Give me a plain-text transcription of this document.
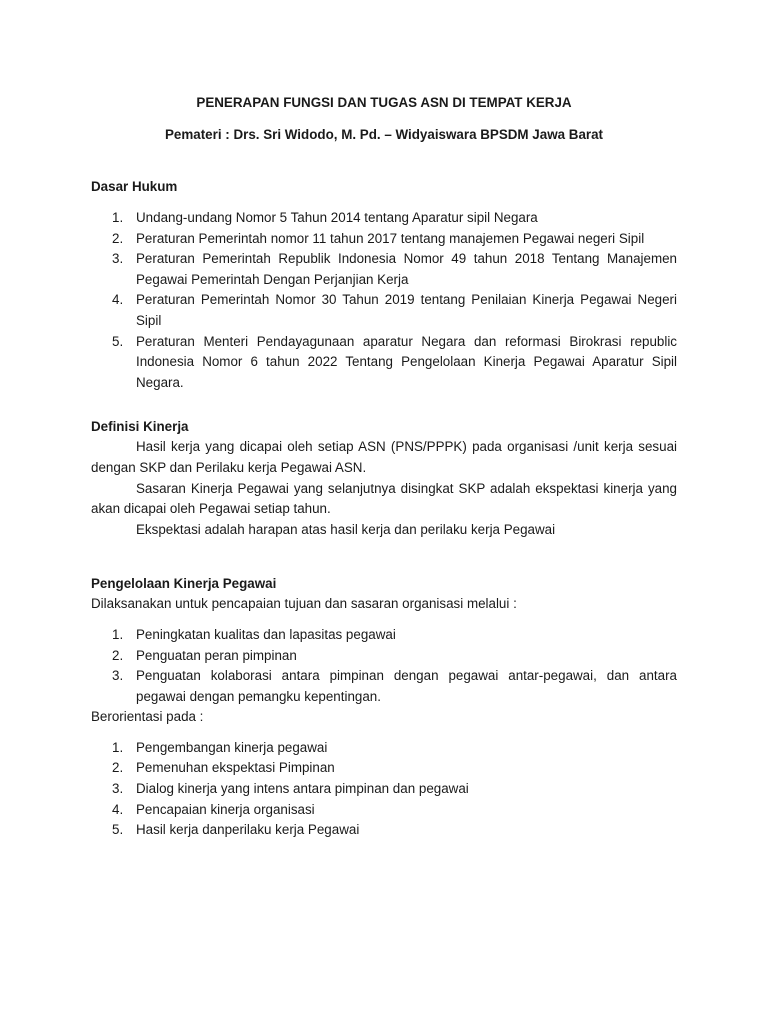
PENERAPAN FUNGSI DAN TUGAS ASN DI TEMPAT KERJA

Pemateri : Drs. Sri Widodo, M. Pd. – Widyaiswara BPSDM Jawa Barat

Dasar Hukum

1. Undang-undang Nomor 5 Tahun 2014 tentang Aparatur sipil Negara
2. Peraturan Pemerintah nomor 11 tahun 2017 tentang manajemen Pegawai negeri Sipil
3. Peraturan Pemerintah Republik Indonesia Nomor 49 tahun 2018 Tentang Manajemen Pegawai Pemerintah Dengan Perjanjian Kerja
4. Peraturan Pemerintah Nomor 30 Tahun 2019 tentang Penilaian Kinerja Pegawai Negeri Sipil
5. Peraturan Menteri Pendayagunaan aparatur Negara dan reformasi Birokrasi republic Indonesia Nomor 6 tahun 2022 Tentang Pengelolaan Kinerja Pegawai Aparatur Sipil Negara.

Definisi Kinerja

Hasil kerja yang dicapai oleh setiap ASN (PNS/PPPK) pada organisasi /unit kerja sesuai dengan SKP dan Perilaku kerja Pegawai ASN.

Sasaran Kinerja Pegawai yang selanjutnya disingkat SKP adalah ekspektasi kinerja yang akan dicapai oleh Pegawai setiap tahun.

Ekspektasi adalah harapan atas hasil kerja dan perilaku kerja Pegawai

Pengelolaan Kinerja Pegawai

Dilaksanakan untuk pencapaian tujuan dan sasaran organisasi melalui :

1. Peningkatan kualitas dan lapasitas pegawai
2. Penguatan peran pimpinan
3. Penguatan kolaborasi antara pimpinan dengan pegawai antar-pegawai, dan antara pegawai dengan pemangku kepentingan.

Berorientasi pada :

1. Pengembangan kinerja pegawai
2. Pemenuhan ekspektasi Pimpinan
3. Dialog kinerja yang intens antara pimpinan dan pegawai
4. Pencapaian kinerja organisasi
5. Hasil kerja danperilaku kerja Pegawai
